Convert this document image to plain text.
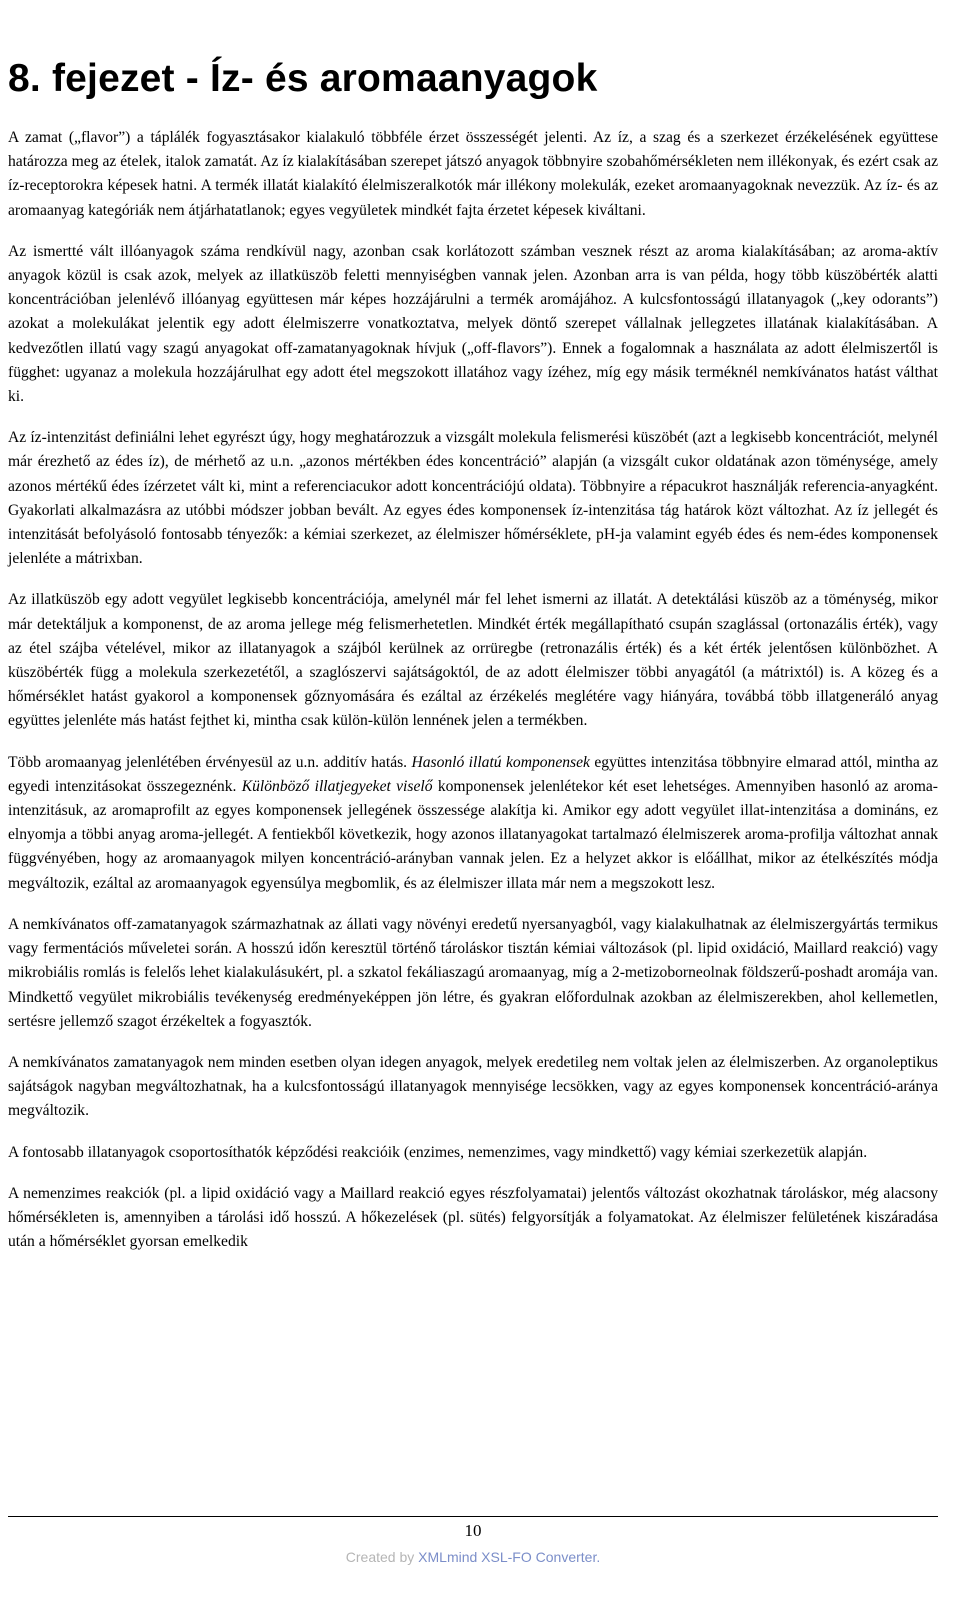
8. fejezet - Íz- és aromaanyagok

A zamat („flavor”) a táplálék fogyasztásakor kialakuló többféle érzet összességét jelenti. Az íz, a szag és a szerkezet érzékelésének együttese határozza meg az ételek, italok zamatát. Az íz kialakításában szerepet játszó anyagok többnyire szobahőmérsékleten nem illékonyak, és ezért csak az íz-receptorokra képesek hatni. A termék illatát kialakító élelmiszeralkotók már illékony molekulák, ezeket aromaanyagoknak nevezzük. Az íz- és az aromaanyag kategóriák nem átjárhatatlanok; egyes vegyületek mindkét fajta érzetet képesek kiváltani.

Az ismertté vált illóanyagok száma rendkívül nagy, azonban csak korlátozott számban vesznek részt az aroma kialakításában; az aroma-aktív anyagok közül is csak azok, melyek az illatküszöb feletti mennyiségben vannak jelen. Azonban arra is van példa, hogy több küszöbérték alatti koncentrációban jelenlévő illóanyag együttesen már képes hozzájárulni a termék aromájához. A kulcsfontosságú illatanyagok („key odorants”) azokat a molekulákat jelentik egy adott élelmiszerre vonatkoztatva, melyek döntő szerepet vállalnak jellegzetes illatának kialakításában. A kedvezőtlen illatú vagy szagú anyagokat off-zamatanyagoknak hívjuk („off-flavors”). Ennek a fogalomnak a használata az adott élelmiszertől is függhet: ugyanaz a molekula hozzájárulhat egy adott étel megszokott illatához vagy ízéhez, míg egy másik terméknél nemkívánatos hatást válthat ki.

Az íz-intenzitást definiálni lehet egyrészt úgy, hogy meghatározzuk a vizsgált molekula felismerési küszöbét (azt a legkisebb koncentrációt, melynél már érezhető az édes íz), de mérhető az u.n. „azonos mértékben édes koncentráció” alapján (a vizsgált cukor oldatának azon töménysége, amely azonos mértékű édes ízérzetet vált ki, mint a referenciacukor adott koncentrációjú oldata). Többnyire a répacukrot használják referencia-anyagként. Gyakorlati alkalmazásra az utóbbi módszer jobban bevált. Az egyes édes komponensek íz-intenzitása tág határok közt változhat. Az íz jellegét és intenzitását befolyásoló fontosabb tényezők: a kémiai szerkezet, az élelmiszer hőmérséklete, pH-ja valamint egyéb édes és nem-édes komponensek jelenléte a mátrixban.

Az illatküszöb egy adott vegyület legkisebb koncentrációja, amelynél már fel lehet ismerni az illatát. A detektálási küszöb az a töménység, mikor már detektáljuk a komponenst, de az aroma jellege még felismerhetetlen. Mindkét érték megállapítható csupán szaglással (ortonazális érték), vagy az étel szájba vételével, mikor az illatanyagok a szájból kerülnek az orrüregbe (retronazális érték) és a két érték jelentősen különbözhet. A küszöbérték függ a molekula szerkezetétől, a szaglószervi sajátságoktól, de az adott élelmiszer többi anyagától (a mátrixtól) is. A közeg és a hőmérséklet hatást gyakorol a komponensek gőznyomására és ezáltal az érzékelés meglétére vagy hiányára, továbbá több illatgeneráló anyag együttes jelenléte más hatást fejthet ki, mintha csak külön-külön lennének jelen a termékben.

Több aromaanyag jelenlétében érvényesül az u.n. additív hatás. Hasonló illatú komponensek együttes intenzitása többnyire elmarad attól, mintha az egyedi intenzitásokat összegeznénk. Különböző illatjegyeket viselő komponensek jelenlétekor két eset lehetséges. Amennyiben hasonló az aroma-intenzitásuk, az aromaprofilt az egyes komponensek jellegének összessége alakítja ki. Amikor egy adott vegyület illat-intenzitása a domináns, ez elnyomja a többi anyag aroma-jellegét. A fentiekből következik, hogy azonos illatanyagokat tartalmazó élelmiszerek aroma-profilja változhat annak függvényében, hogy az aromaanyagok milyen koncentráció-arányban vannak jelen. Ez a helyzet akkor is előállhat, mikor az ételkészítés módja megváltozik, ezáltal az aromaanyagok egyensúlya megbomlik, és az élelmiszer illata már nem a megszokott lesz.

A nemkívánatos off-zamatanyagok származhatnak az állati vagy növényi eredetű nyersanyagból, vagy kialakulhatnak az élelmiszergyártás termikus vagy fermentációs műveletei során. A hosszú időn keresztül történő tároláskor tisztán kémiai változások (pl. lipid oxidáció, Maillard reakció) vagy mikrobiális romlás is felelős lehet kialakulásukért, pl. a szkatol fekáliaszagú aromaanyag, míg a 2-metizoborneolnak földszerű-poshadt aromája van. Mindkettő vegyület mikrobiális tevékenység eredményeképpen jön létre, és gyakran előfordulnak azokban az élelmiszerekben, ahol kellemetlen, sertésre jellemző szagot érzékeltek a fogyasztók.

A nemkívánatos zamatanyagok nem minden esetben olyan idegen anyagok, melyek eredetileg nem voltak jelen az élelmiszerben. Az organoleptikus sajátságok nagyban megváltozhatnak, ha a kulcsfontosságú illatanyagok mennyisége lecsökken, vagy az egyes komponensek koncentráció-aránya megváltozik.

A fontosabb illatanyagok csoportosíthatók képződési reakcióik (enzimes, nemenzimes, vagy mindkettő) vagy kémiai szerkezetük alapján.

A nemenzimes reakciók (pl. a lipid oxidáció vagy a Maillard reakció egyes részfolyamatai) jelentős változást okozhatnak tároláskor, még alacsony hőmérsékleten is, amennyiben a tárolási idő hosszú. A hőkezelések (pl. sütés) felgyorsítják a folyamatokat. Az élelmiszer felületének kiszáradása után a hőmérséklet gyorsan emelkedik

10
Created by XMLmind XSL-FO Converter.
